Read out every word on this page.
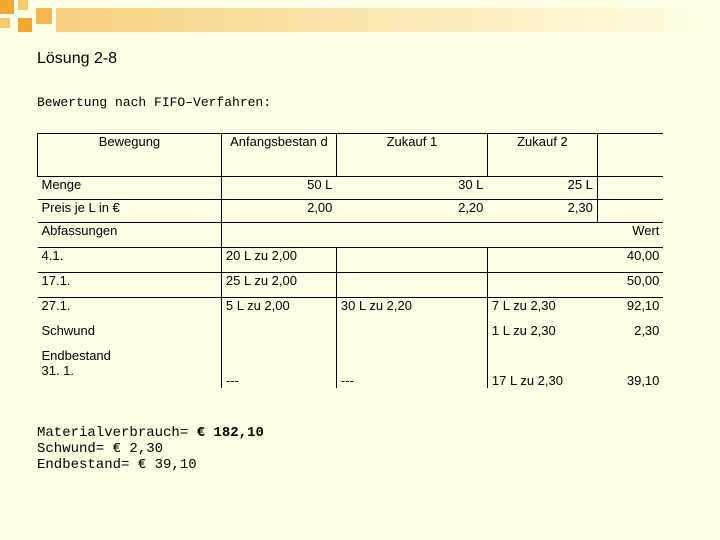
Lösung 2-8
Bewertung nach FIFO–Verfahren:
Bewegung	Anfangsbestan d	Zukauf 1	Zukauf 2	
Menge	50 L	30 L	25 L	
Preis je L in €	2,00	2,20	2,30	
Abfassungen				Wert
4.1.	20 L zu 2,00			40,00
17.1.	25 L zu 2,00			50,00
27.1.	5 L zu 2,00	30 L zu 2,20	7 L zu 2,30	92,10
Schwund			1 L zu 2,30	2,30
Endbestand 31. 1.	---	---	17 L zu 2,30	39,10
Materialverbrauch= € 182,10
Schwund= € 2,30
Endbestand= € 39,10
